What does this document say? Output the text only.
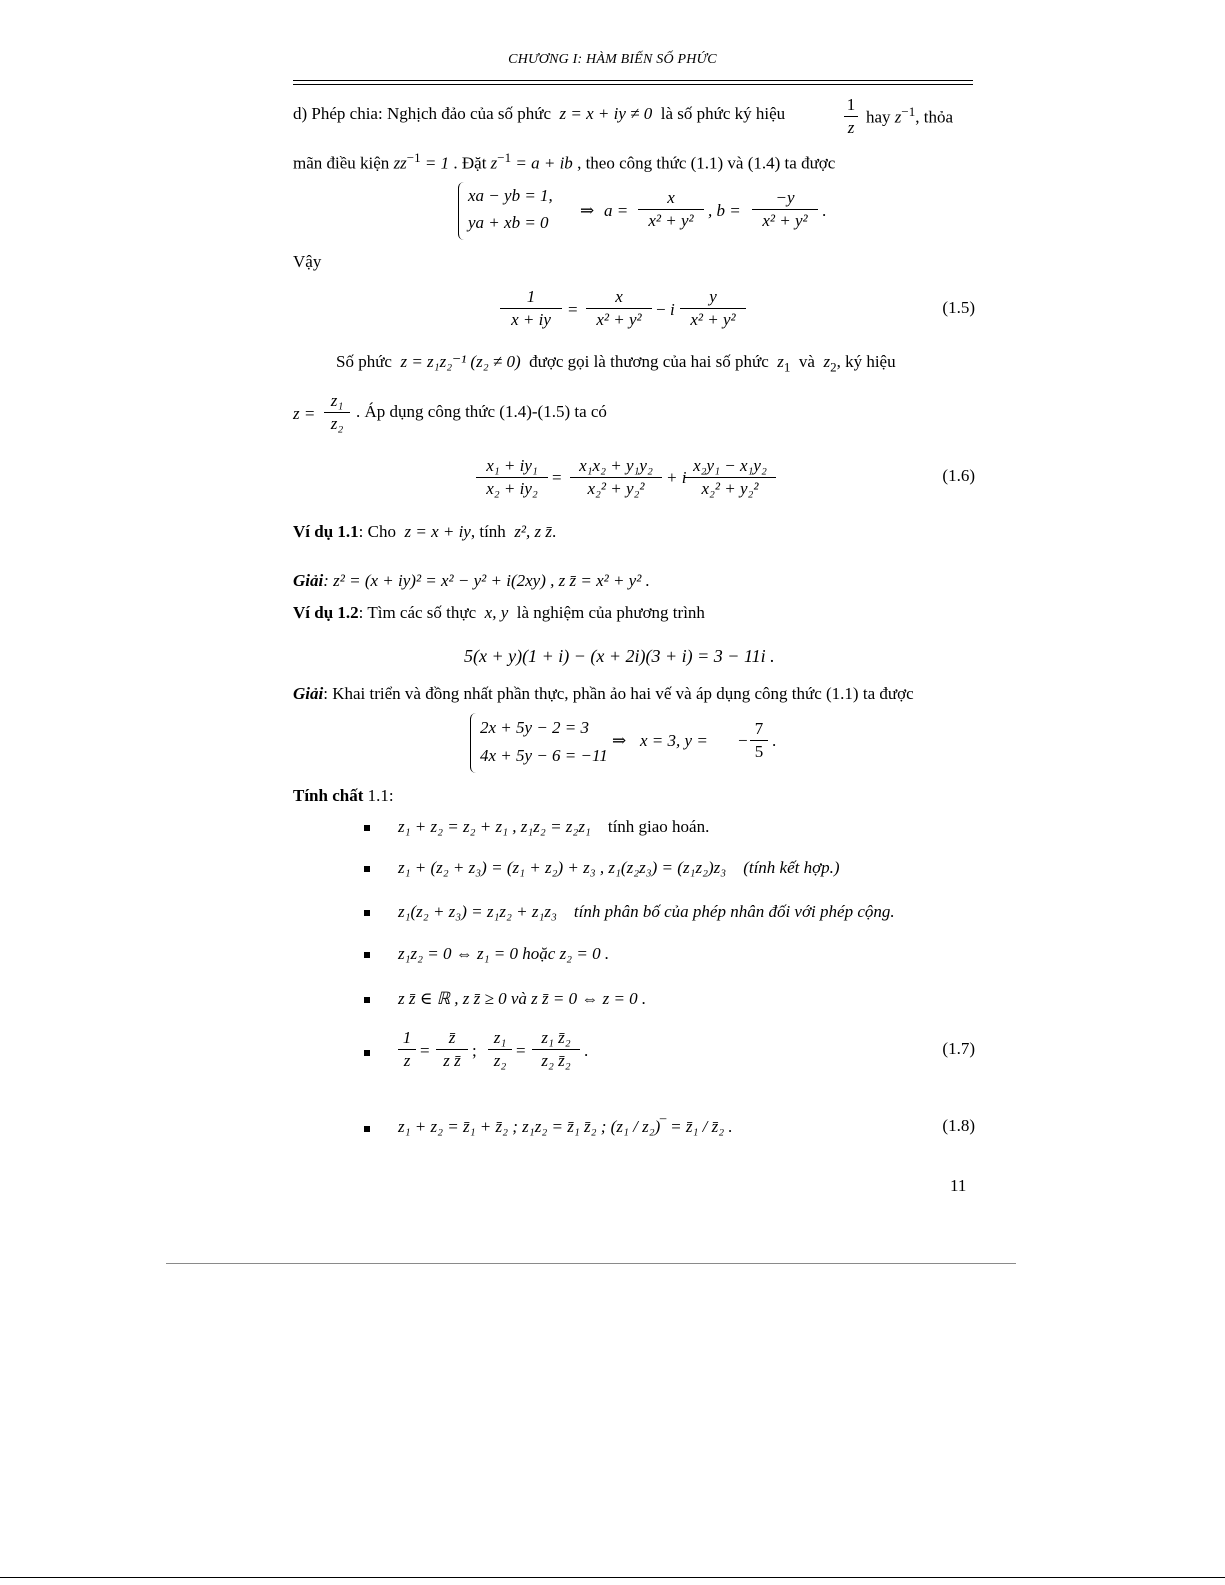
CHƯƠNG I: HÀM BIẾN SỐ PHỨC
d) Phép chia: Nghịch đảo của số phức z = x + iy ≠ 0 là số phức ký hiệu	1
z
hay $z^{-1}$, thỏa
mãn điều kiện $zz^{-1} = 1$ . Đặt $z^{-1} = a$ + ib , theo công thức (1.1) và (1.4) ta được
xa − yb = 1,
ya + xb = 0
⇒ a =
x
x² + y²
, b =
−y
x² + y²
.
Vậy
1
x + iy
=
x
x² + y²
− i
y
x² + y²
(1.5)
Số phức z = z₁z₂⁻¹ (z₂ ≠ 0) được gọi là thương của hai số phức $z_1$ và $z_2$, ký hiệu
z =
z₁
z₂
. Áp dụng công thức (1.4)-(1.5) ta có
x₁ + iy₁
x₂ + iy₂
=
x₁x₂ + y₁y₂
x₂² + y₂²
+ i
x₂y₁ − x₁y₂
x₂² + y₂²
(1.6)
Ví dụ 1.1: Cho z = x + iy, tính z², z z̄.
Giải: z² = (x + iy)² = x² − y² + i(2xy) , z z̄ = x² + y² .
Ví dụ 1.2: Tìm các số thực x, y là nghiệm của phương trình
5(x + y)(1 + i) − (x + 2i)(3 + i) = 3 − 11i .
Giải: Khai triển và đồng nhất phần thực, phần ảo hai vế và áp dụng công thức (1.1) ta được
2x + 5y − 2 = 3
4x + 5y − 6 = −11
⇒ x = 3, y = −
7
5
.
Tính chất 1.1:
z₁ + z₂ = z₂ + z₁ , z₁z₂ = z₂z₁ tính giao hoán.
z₁ + (z₂ + z₃) = (z₁ + z₂) + z₃ , z₁(z₂z₃) = (z₁z₂)z₃ (tính kết hợp.)
z₁(z₂ + z₃) = z₁z₂ + z₁z₃ tính phân bố của phép nhân đối với phép cộng.
z₁z₂ = 0 ⇔ z₁ = 0 hoặc z₂ = 0 .
z z̄ ∈ ℝ , z z̄ ≥ 0 và z z̄ = 0 ⇔ z = 0 .
1
z
=
z̄
z z̄
;
z₁
z₂
=
z₁ z̄₂
z₂ z̄₂
.	(1.7)
z₁ + z₂ = z̄₁ + z̄₂ ; z₁z₂ = z̄₁ z̄₂ ; (z₁ / z₂)‾ = z̄₁ / z̄₂ .	(1.8)
11
